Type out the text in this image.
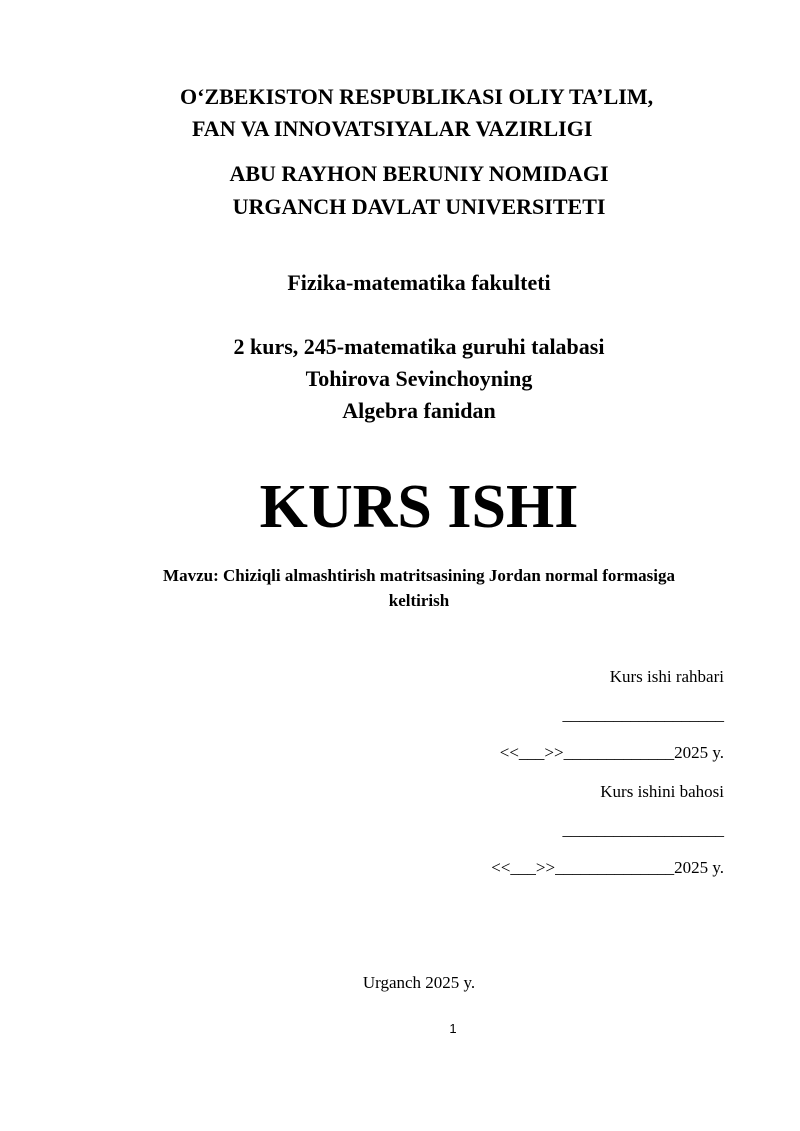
O‘ZBEKISTON RESPUBLIKASI OLIY TA’LIM,

FAN VA INNOVATSIYALAR VAZIRLIGI

ABU RAYHON BERUNIY NOMIDAGI

URGANCH DAVLAT UNIVERSITETI

Fizika-matematika fakulteti

2 kurs, 245-matematika guruhi talabasi

Tohirova Sevinchoyning

Algebra fanidan

KURS ISHI

Mavzu: Chiziqli almashtirish matritsasining Jordan normal formasiga

keltirish

Kurs ishi rahbari

___________________

<<___>>_____________2025 y.

Kurs ishini bahosi

___________________

<<___>>______________2025 y.

Urganch 2025 y.

1
